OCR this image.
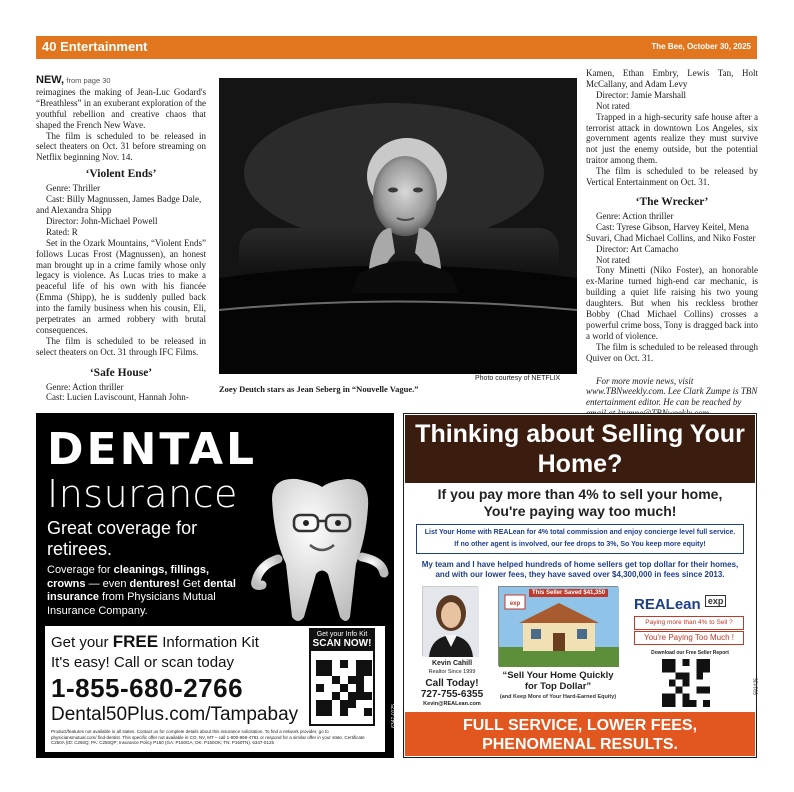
40 Entertainment	The Bee, October 30, 2025

NEW, from page 30

reimagines the making of Jean-Luc Godard's “Breathless” in an exuberant exploration of the youthful rebellion and creative chaos that shaped the French New Wave.

The film is scheduled to be released in select theaters on Oct. 31 before streaming on Netflix beginning Nov. 14.

‘Violent Ends’

Genre: Thriller

Cast: Billy Magnussen, James Badge Dale, and Alexandra Shipp

Director: John-Michael Powell

Rated: R

Set in the Ozark Mountains, “Violent Ends” follows Lucas Frost (Magnussen), an honest man brought up in a crime family whose only legacy is violence. As Lucas tries to make a peaceful life of his own with his fiancée (Emma (Shipp), he is suddenly pulled back into the family business when his cousin, Eli, perpetrates an armed robbery with brutal consequences.

The film is scheduled to be released in select theaters on Oct. 31 through IFC Films.

‘Safe House’

Genre: Action thriller

Cast: Lucien Laviscount, Hannah John-

Photo courtesy of NETFLIX
Zoey Deutch stars as Jean Seberg in “Nouvelle Vague.”

Kamen, Ethan Embry, Lewis Tan, Holt McCallany, and Adam Levy

Director: Jamie Marshall

Not rated

Trapped in a high-security safe house after a terrorist attack in downtown Los Angeles, six government agents realize they must survive not just the enemy outside, but the potential traitor among them.

The film is scheduled to be released by Vertical Entertainment on Oct. 31.

‘The Wrecker’

Genre: Action thriller

Cast: Tyrese Gibson, Harvey Keitel, Mena Suvari, Chad Michael Collins, and Niko Foster

Director: Art Camacho

Not rated

Tony Minetti (Niko Foster), an honorable ex-Marine turned high-end car mechanic, is building a quiet life raising his two young daughters. But when his reckless brother Bobby (Chad Michael Collins) crosses a powerful crime boss, Tony is dragged back into a world of violence.

The film is scheduled to be released through Quiver on Oct. 31.

For more movie news, visit www.TBNweekly.com. Lee Clark Zumpe is TBN entertainment editor. He can be reached by

DENTAL
Insurance
Great coverage for retirees.
Coverage for cleanings, fillings, crowns — even dentures! Get dental insurance from Physicians Mutual Insurance Company.
6347-0125
Get your FREE Information Kit
It's easy! Call or scan today
1-855-680-2766
Dental50Plus.com/Tampabay
Product/features not available in all states. Contact us for complete details about this insurance solicitation. To find a network provider, go to physiciansmutual.com/ find-dentist. This specific offer not available in CO, NV, MT – call 1-800-969-4781 or respond for a similar offer in your state. Certificate C250A (ID: C250Q; PA: C250QP; Insurance Policy P150 (GA: P150GA; OK: P150OK; TN: P150TN). 6347-0125
Get your Info Kit
SCAN NOW!
Thinking about Selling Your Home?
If you pay more than 4% to sell your home,
You're paying way too much!
List Your Home with REALean for 4% total commission and enjoy concierge level full service.
If no other agent is involved, our fee drops to 3%, So You keep more equity!
My team and I have helped hundreds of home sellers get top dollar for their homes,
and with our lower fees, they have saved over $4,300,000 in fees since 2013.
Kevin Cahill
Realtor Since 1999
Call Today!
727-755-6355
Kevin@REALean.com
exp
This Seller Saved $41,350
“Sell Your Home Quickly for Top Dollar”
(and Keep More of Your Hard-Earned Equity)
REALean $^{exp}$
Paying more than 4% to Sell ?
You're Paying Too Much !
Download our Free Seller Report
591425
FULL SERVICE, LOWER FEES,
PHENOMENAL RESULTS.
